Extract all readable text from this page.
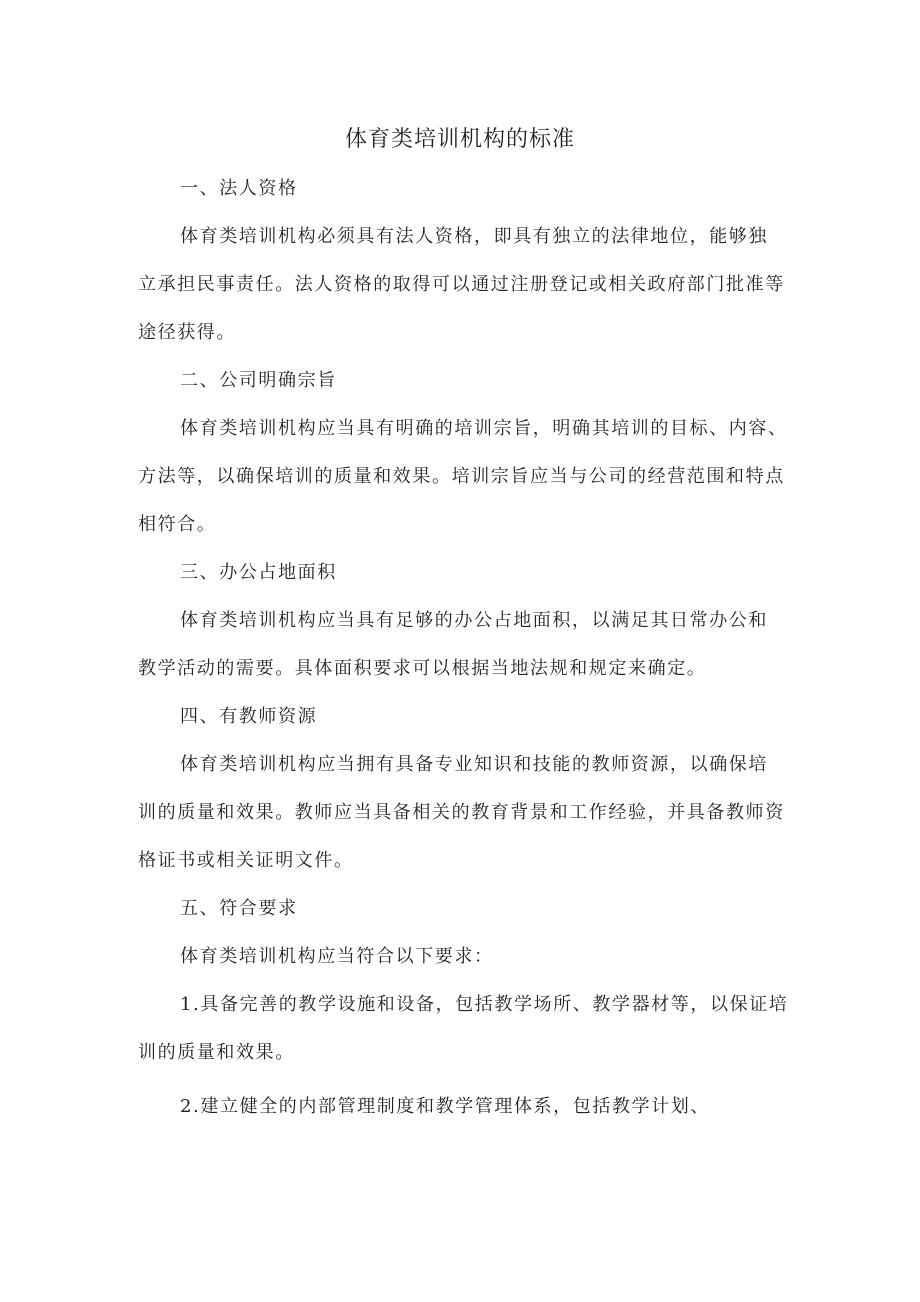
体育类培训机构的标准

一、法人资格

体育类培训机构必须具有法人资格，即具有独立的法律地位，能够独

立承担民事责任。法人资格的取得可以通过注册登记或相关政府部门批准等

途径获得。

二、公司明确宗旨

体育类培训机构应当具有明确的培训宗旨，明确其培训的目标、内容、

方法等，以确保培训的质量和效果。培训宗旨应当与公司的经营范围和特点

相符合。

三、办公占地面积

体育类培训机构应当具有足够的办公占地面积，以满足其日常办公和

教学活动的需要。具体面积要求可以根据当地法规和规定来确定。

四、有教师资源

体育类培训机构应当拥有具备专业知识和技能的教师资源，以确保培

训的质量和效果。教师应当具备相关的教育背景和工作经验，并具备教师资

格证书或相关证明文件。

五、符合要求

体育类培训机构应当符合以下要求：

1.具备完善的教学设施和设备，包括教学场所、教学器材等，以保证培

训的质量和效果。

2.建立健全的内部管理制度和教学管理体系，包括教学计划、
